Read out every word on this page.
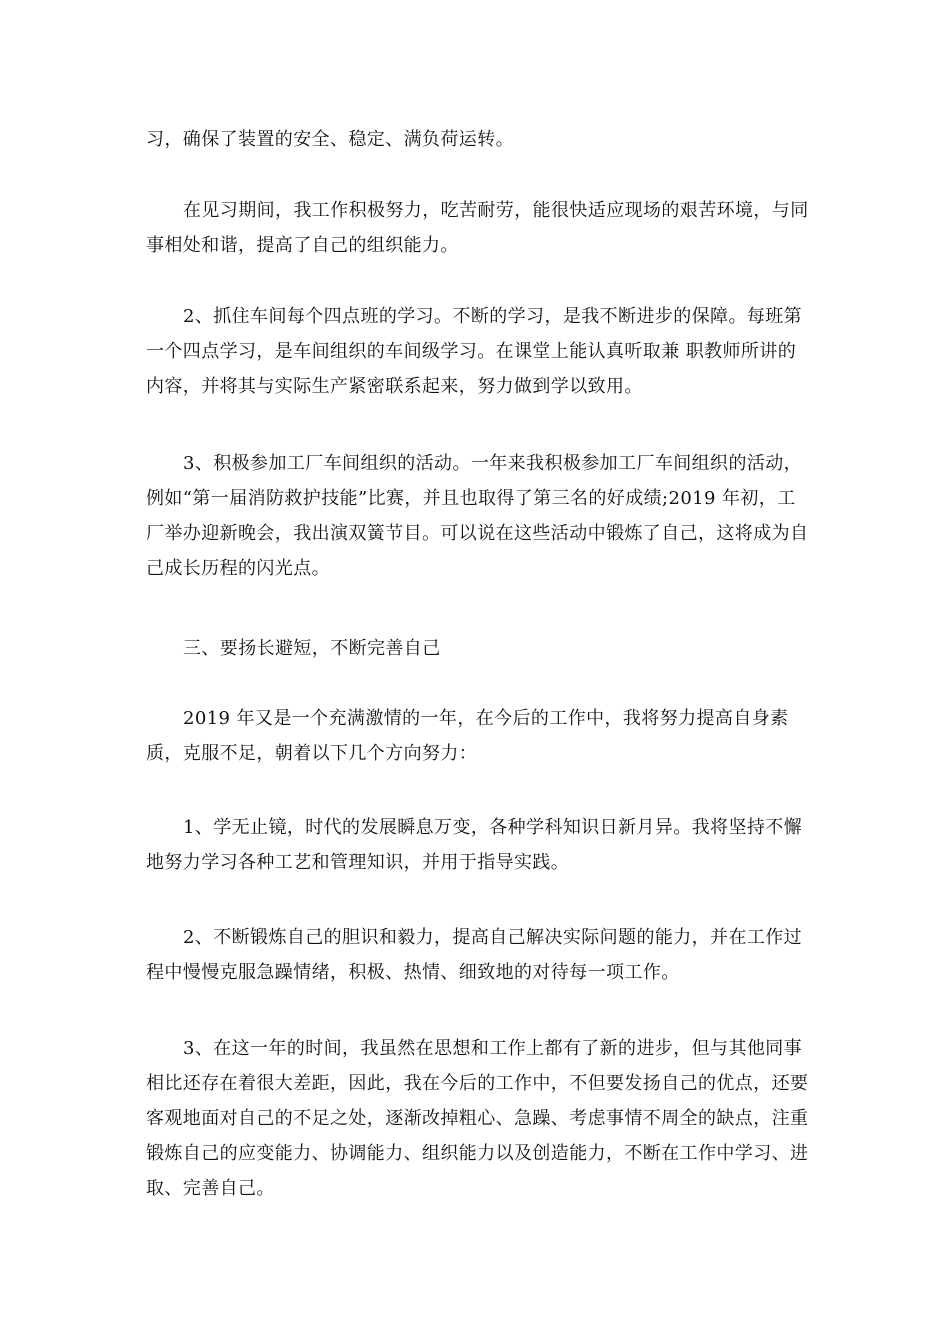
习，确保了装置的安全、稳定、满负荷运转。

在见习期间，我工作积极努力，吃苦耐劳，能很快适应现场的艰苦环境，与同事相处和谐，提高了自己的组织能力。

2、抓住车间每个四点班的学习。不断的学习，是我不断进步的保障。每班第一个四点学习，是车间组织的车间级学习。在课堂上能认真听取兼 职教师所讲的内容，并将其与实际生产紧密联系起来，努力做到学以致用。

3、积极参加工厂车间组织的活动。一年来我积极参加工厂车间组织的活动，例如“第一届消防救护技能”比赛，并且也取得了第三名的好成绩;2019 年初，工厂举办迎新晚会，我出演双簧节目。可以说在这些活动中锻炼了自己，这将成为自己成长历程的闪光点。

三、要扬长避短，不断完善自己

2019 年又是一个充满激情的一年，在今后的工作中，我将努力提高自身素质，克服不足，朝着以下几个方向努力：

1、学无止镜，时代的发展瞬息万变，各种学科知识日新月异。我将坚持不懈地努力学习各种工艺和管理知识，并用于指导实践。

2、不断锻炼自己的胆识和毅力，提高自己解决实际问题的能力，并在工作过程中慢慢克服急躁情绪，积极、热情、细致地的对待每一项工作。

3、在这一年的时间，我虽然在思想和工作上都有了新的进步，但与其他同事相比还存在着很大差距，因此，我在今后的工作中，不但要发扬自己的优点，还要客观地面对自己的不足之处，逐渐改掉粗心、急躁、考虑事情不周全的缺点，注重锻炼自己的应变能力、协调能力、组织能力以及创造能力，不断在工作中学习、进取、完善自己。
